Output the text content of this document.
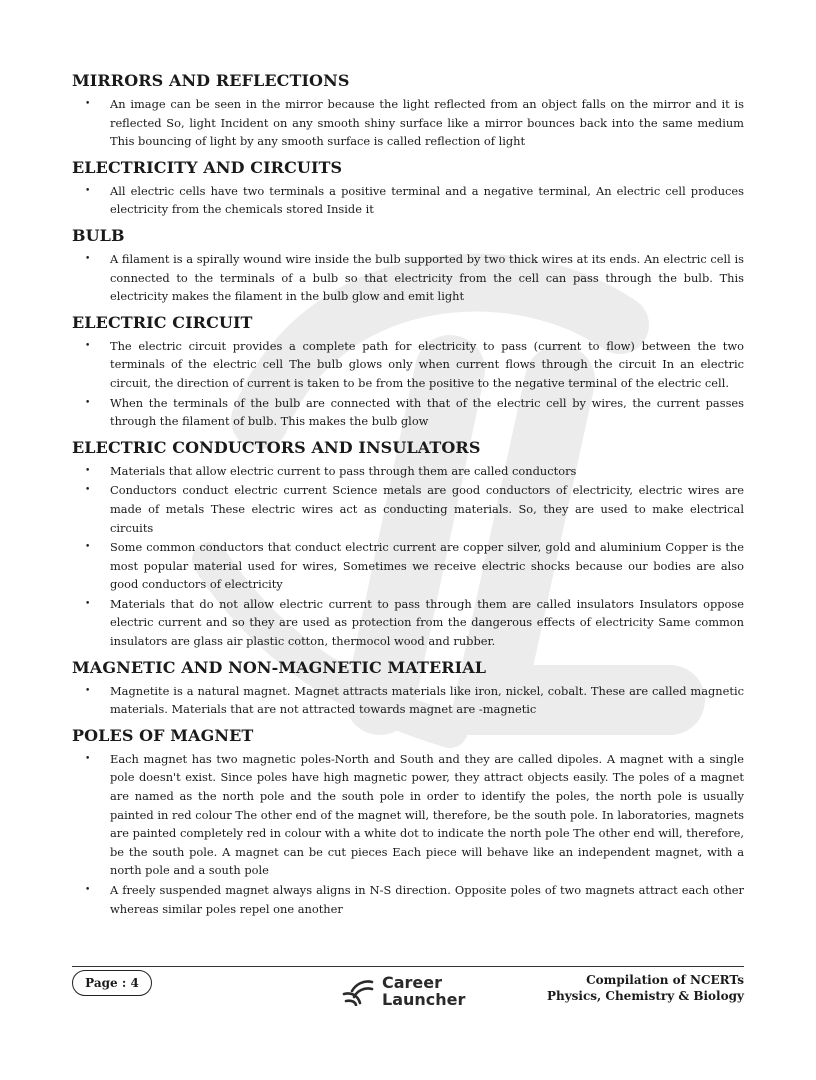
MIRRORS AND REFLECTIONS
• An image can be seen in the mirror because the light reflected from an object falls on the mirror and it is reflected So, light Incident on any smooth shiny surface like a mirror bounces back into the same medium This bouncing of light by any smooth surface is called reflection of light
ELECTRICITY AND CIRCUITS
• All electric cells have two terminals a positive terminal and a negative terminal, An electric cell produces electricity from the chemicals stored Inside it
BULB
• A filament is a spirally wound wire inside the bulb supported by two thick wires at its ends. An electric cell is connected to the terminals of a bulb so that electricity from the cell can pass through the bulb. This electricity makes the filament in the bulb glow and emit light
ELECTRIC CIRCUIT
• The electric circuit provides a complete path for electricity to pass (current to flow) between the two terminals of the electric cell The bulb glows only when current flows through the circuit In an electric circuit, the direction of current is taken to be from the positive to the negative terminal of the electric cell.
• When the terminals of the bulb are connected with that of the electric cell by wires, the current passes through the filament of bulb. This makes the bulb glow
ELECTRIC CONDUCTORS AND INSULATORS
• Materials that allow electric current to pass through them are called conductors
• Conductors conduct electric current Science metals are good conductors of electricity, electric wires are made of metals These electric wires act as conducting materials. So, they are used to make electrical circuits
• Some common conductors that conduct electric current are copper silver, gold and aluminium Copper is the most popular material used for wires, Sometimes we receive electric shocks because our bodies are also good conductors of electricity
• Materials that do not allow electric current to pass through them are called insulators Insulators oppose electric current and so they are used as protection from the dangerous effects of electricity Same common insulators are glass air plastic cotton, thermocol wood and rubber.
MAGNETIC AND NON-MAGNETIC MATERIAL
• Magnetite is a natural magnet. Magnet attracts materials like iron, nickel, cobalt. These are called magnetic materials. Materials that are not attracted towards magnet are -magnetic
POLES OF MAGNET
• Each magnet has two magnetic poles-North and South and they are called dipoles. A magnet with a single pole doesn't exist. Since poles have high magnetic power, they attract objects easily. The poles of a magnet are named as the north pole and the south pole in order to identify the poles, the north pole is usually painted in red colour The other end of the magnet will, therefore, be the south pole. In laboratories, magnets are painted completely red in colour with a white dot to indicate the north pole The other end will, therefore, be the south pole. A magnet can be cut pieces Each piece will behave like an independent magnet, with a north pole and a south pole
• A freely suspended magnet always aligns in N-S direction. Opposite poles of two magnets attract each other whereas similar poles repel one another
Page : 4	Career
Launcher
Compilation of NCERTs
Physics, Chemistry & Biology
